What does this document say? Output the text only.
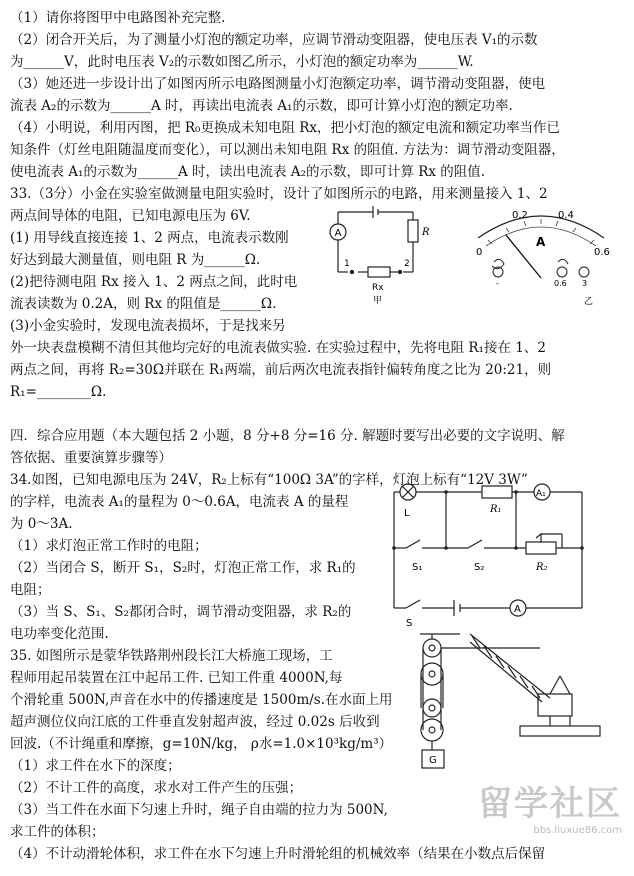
（1）请你将图甲中电路图补充完整.
（2）闭合开关后，为了测量小灯泡的额定功率，应调节滑动变阻器，使电压表 V₁的示数
为______V，此时电压表 V₂的示数如图乙所示，小灯泡的额定功率为______W.
（3）她还进一步设计出了如图丙所示电路图测量小灯泡额定功率，调节滑动变阻器，使电
流表 A₂的示数为______A 时，再读出电流表 A₁的示数，即可计算小灯泡的额定功率.
（4）小明说，利用丙图，把 R₀更换成未知电阻 Rx，把小灯泡的额定电流和额定功率当作已
知条件（灯丝电阻随温度而变化），可以测出未知电阻 Rx 的阻值. 方法为：调节滑动变阻器，
使电流表 A₁的示数为______A 时，读出电流表 A₂的示数，即可计算 Rx 的阻值.
33.（3分）小金在实验室做测量电阻实验时，设计了如图所示的电路，用来测量接入 1、2
两点间导体的电阻，已知电源电压为 6V.
(1) 用导线直接连接 1、2 两点，电流表示数刚
好达到最大测量值，则电阻 R 为______Ω.
(2)把待测电阻 Rx 接入 1、2 两点之间，此时电
流表读数为 0.2A，则 Rx 的阻值是______Ω.
(3)小金实验时，发现电流表损坏，于是找来另
外一块表盘模糊不清但其他均完好的电流表做实验. 在实验过程中，先将电阻 R₁接在 1、2
两点之间，再将 R₂=30Ω并联在 R₁两端，前后两次电流表指针偏转角度之比为 20:21，则
R₁=________Ω.
四．综合应用题（本大题包括 2 小题，8 分+8 分=16 分. 解题时要写出必要的文字说明、解
答依据、重要演算步骤等）
34.如图，已知电源电压为 24V，R₂上标有“100Ω 3A”的字样，灯泡上标有“12V 3W”
的字样，电流表 A₁的量程为 0～0.6A，电流表 A 的量程
为 0～3A.
（1）求灯泡正常工作时的电阻；
（2）当闭合 S，断开 S₁，S₂时，灯泡正常工作，求 R₁的
电阻；
（3）当 S、S₁、S₂都闭合时，调节滑动变阻器，求 R₂的
电功率变化范围.
35. 如图所示是蒙华铁路荆州段长江大桥施工现场，工
程师用起吊装置在江中起吊工件. 已知工件重 4000N,每
个滑轮重 500N,声音在水中的传播速度是 1500m/s.在水面上用
超声测位仪向江底的工件垂直发射超声波，经过 0.02s 后收到
回波.（不计绳重和摩擦，g=10N/kg， ρ水=1.0×10³kg/m³）
（1）求工件在水下的深度；
（2）不计工件的高度，求水对工件产生的压强；
（3）当工件在水面下匀速上升时，绳子自由端的拉力为 500N,
求工件的体积；
（4）不计动滑轮体积，求工件在水下匀速上升时滑轮组的机械效率（结果在小数点后保留
A	R
1	2
Rx
甲
0
0.2	0.4
0.6
A
0.6 3
-
乙
L	R₁
A₁
S₁	S₂	R₂
S
A
G
留学社区
bbs.liuxue86.com
